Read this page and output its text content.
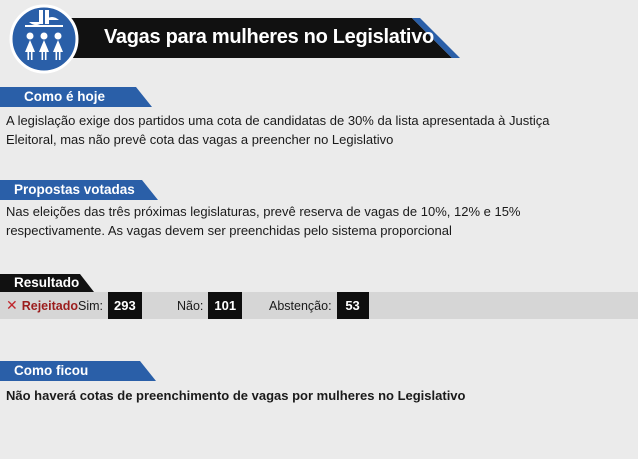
Vagas para mulheres no Legislativo
Como é hoje
A legislação exige dos partidos uma cota de candidatas de 30% da lista apresentada à Justiça
Eleitoral, mas não prevê cota das vagas a preencher no Legislativo
Propostas votadas
Nas eleições das três próximas legislaturas, prevê reserva de vagas de 10%, 12% e 15%
respectivamente. As vagas devem ser preenchidas pelo sistema proporcional
Resultado
✕ Rejeitado Sim: 293	Não: 101	Abstenção:	53
Como ficou
Não haverá cotas de preenchimento de vagas por mulheres no Legislativo
